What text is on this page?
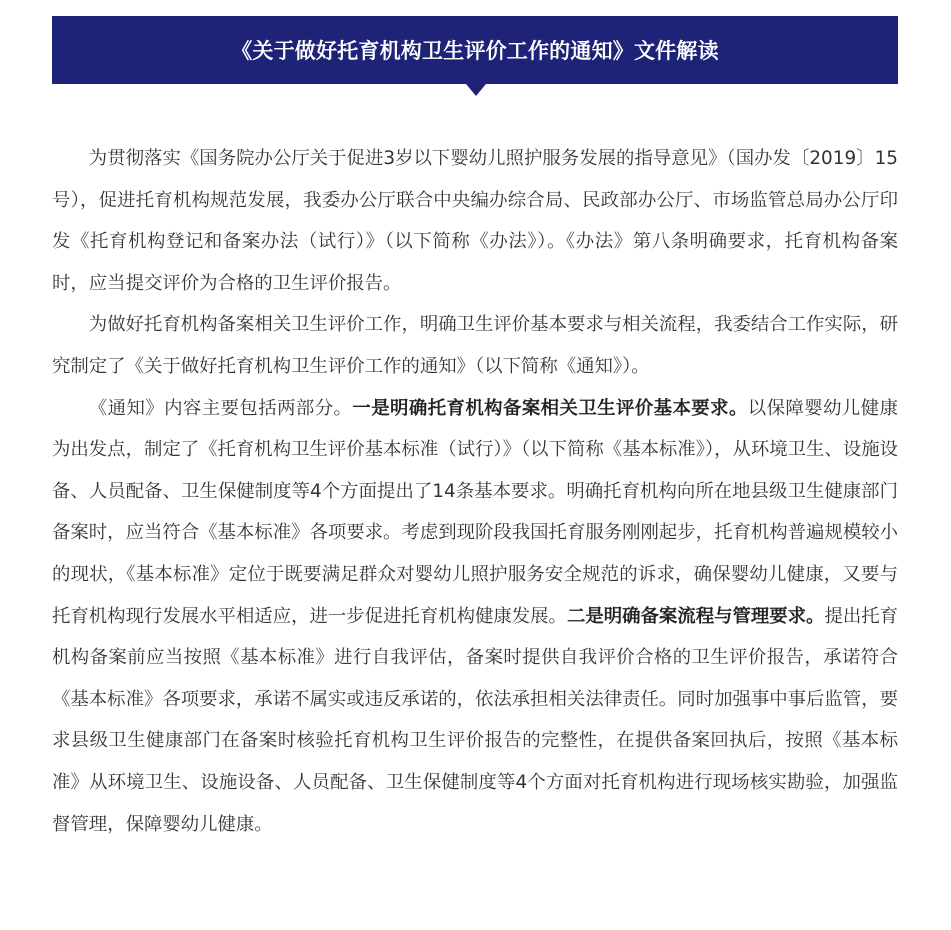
《关于做好托育机构卫生评价工作的通知》文件解读

为贯彻落实《国务院办公厅关于促进3岁以下婴幼儿照护服务发展的指导意见》（国办发〔2019〕15号），促进托育机构规范发展，我委办公厅联合中央编办综合局、民政部办公厅、市场监管总局办公厅印发《托育机构登记和备案办法（试行）》（以下简称《办法》）。《办法》第八条明确要求，托育机构备案时，应当提交评价为合格的卫生评价报告。

为做好托育机构备案相关卫生评价工作，明确卫生评价基本要求与相关流程，我委结合工作实际，研究制定了《关于做好托育机构卫生评价工作的通知》（以下简称《通知》）。

《通知》内容主要包括两部分。一是明确托育机构备案相关卫生评价基本要求。以保障婴幼儿健康为出发点，制定了《托育机构卫生评价基本标准（试行）》（以下简称《基本标准》），从环境卫生、设施设备、人员配备、卫生保健制度等4个方面提出了14条基本要求。明确托育机构向所在地县级卫生健康部门备案时，应当符合《基本标准》各项要求。考虑到现阶段我国托育服务刚刚起步，托育机构普遍规模较小的现状，《基本标准》定位于既要满足群众对婴幼儿照护服务安全规范的诉求，确保婴幼儿健康，又要与托育机构现行发展水平相适应，进一步促进托育机构健康发展。二是明确备案流程与管理要求。提出托育机构备案前应当按照《基本标准》进行自我评估，备案时提供自我评价合格的卫生评价报告，承诺符合《基本标准》各项要求，承诺不属实或违反承诺的，依法承担相关法律责任。同时加强事中事后监管，要求县级卫生健康部门在备案时核验托育机构卫生评价报告的完整性，在提供备案回执后，按照《基本标准》从环境卫生、设施设备、人员配备、卫生保健制度等4个方面对托育机构进行现场核实勘验，加强监督管理，保障婴幼儿健康。
